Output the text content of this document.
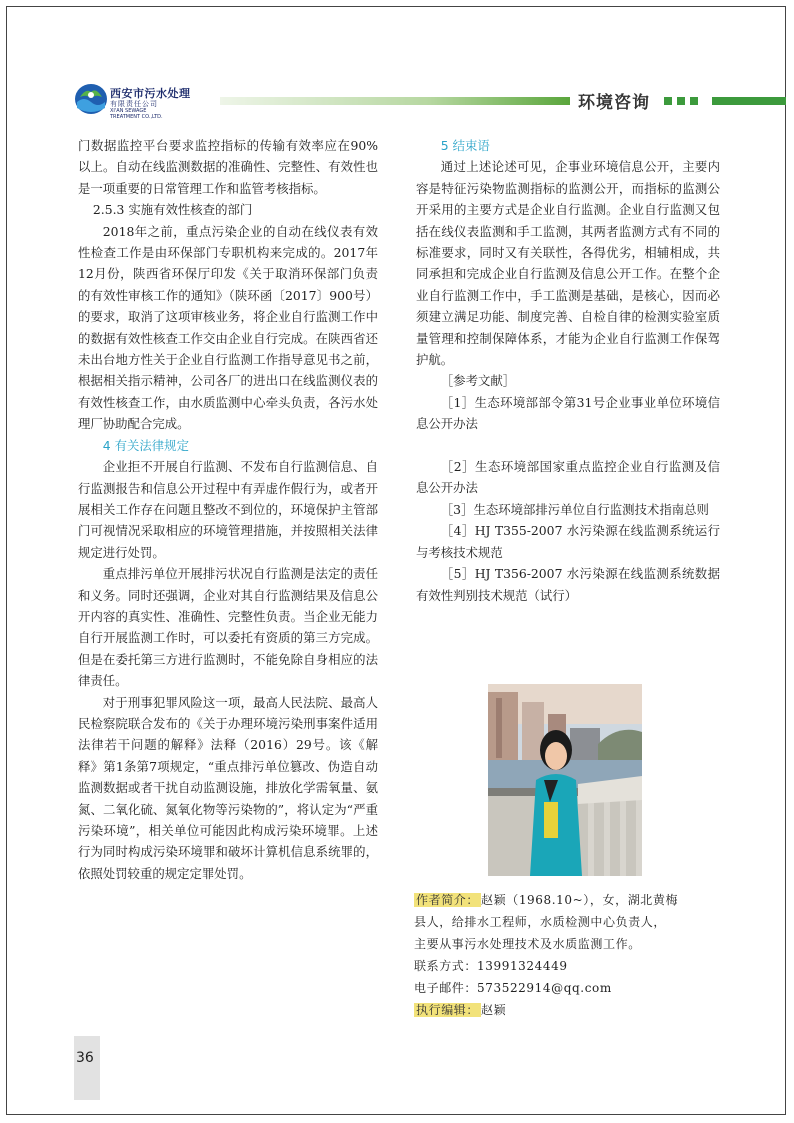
西安市污水处理
有限责任公司
XI'AN SEWAGE
TREATMENT CO.,LTD.
环境咨询

门数据监控平台要求监控指标的传输有效率应在90%以上。自动在线监测数据的准确性、完整性、有效性也是一项重要的日常管理工作和监管考核指标。

2.5.3 实施有效性核查的部门

2018年之前，重点污染企业的自动在线仪表有效性检查工作是由环保部门专职机构来完成的。2017年12月份，陕西省环保厅印发《关于取消环保部门负责的有效性审核工作的通知》（陕环函〔2017〕900号）的要求，取消了这项审核业务，将企业自行监测工作中的数据有效性核查工作交由企业自行完成。在陕西省还未出台地方性关于企业自行监测工作指导意见书之前，根据相关指示精神，公司各厂的进出口在线监测仪表的有效性核查工作，由水质监测中心牵头负责，各污水处理厂协助配合完成。

4 有关法律规定

企业拒不开展自行监测、不发布自行监测信息、自行监测报告和信息公开过程中有弄虚作假行为，或者开展相关工作存在问题且整改不到位的，环境保护主管部门可视情况采取相应的环境管理措施，并按照相关法律规定进行处罚。

重点排污单位开展排污状况自行监测是法定的责任和义务。同时还强调，企业对其自行监测结果及信息公开内容的真实性、准确性、完整性负责。当企业无能力自行开展监测工作时，可以委托有资质的第三方完成。但是在委托第三方进行监测时，不能免除自身相应的法律责任。

对于刑事犯罪风险这一项，最高人民法院、最高人民检察院联合发布的《关于办理环境污染刑事案件适用法律若干问题的解释》法释（2016）29号。该《解释》第1条第7项规定，“重点排污单位篡改、伪造自动监测数据或者干扰自动监测设施，排放化学需氧量、氨氮、二氧化硫、氮氧化物等污染物的”，将认定为“严重污染环境”，相关单位可能因此构成污染环境罪。上述行为同时构成污染环境罪和破坏计算机信息系统罪的，依照处罚较重的规定定罪处罚。

5 结束语

通过上述论述可见，企事业环境信息公开，主要内容是特征污染物监测指标的监测公开，而指标的监测公开采用的主要方式是企业自行监测。企业自行监测又包括在线仪表监测和手工监测，其两者监测方式有不同的标准要求，同时又有关联性，各得优劣，相辅相成，共同承担和完成企业自行监测及信息公开工作。在整个企业自行监测工作中，手工监测是基础，是核心，因而必须建立满足功能、制度完善、自检自律的检测实验室质量管理和控制保障体系，才能为企业自行监测工作保驾护航。

［参考文献］

［1］生态环境部部令第31号企业事业单位环境信息公开办法

［2］生态环境部国家重点监控企业自行监测及信息公开办法

［3］生态环境部排污单位自行监测技术指南总则

［4］HJ T355-2007 水污染源在线监测系统运行与考核技术规范

［5］HJ T356-2007 水污染源在线监测系统数据有效性判别技术规范（试行）

作者简介： 赵颖（1968.10~），女，湖北黄梅
县人，给排水工程师，水质检测中心负责人，
主要从事污水处理技术及水质监测工作。
联系方式：13991324449
电子邮件：573522914@qq.com
执行编辑： 赵颖
36
